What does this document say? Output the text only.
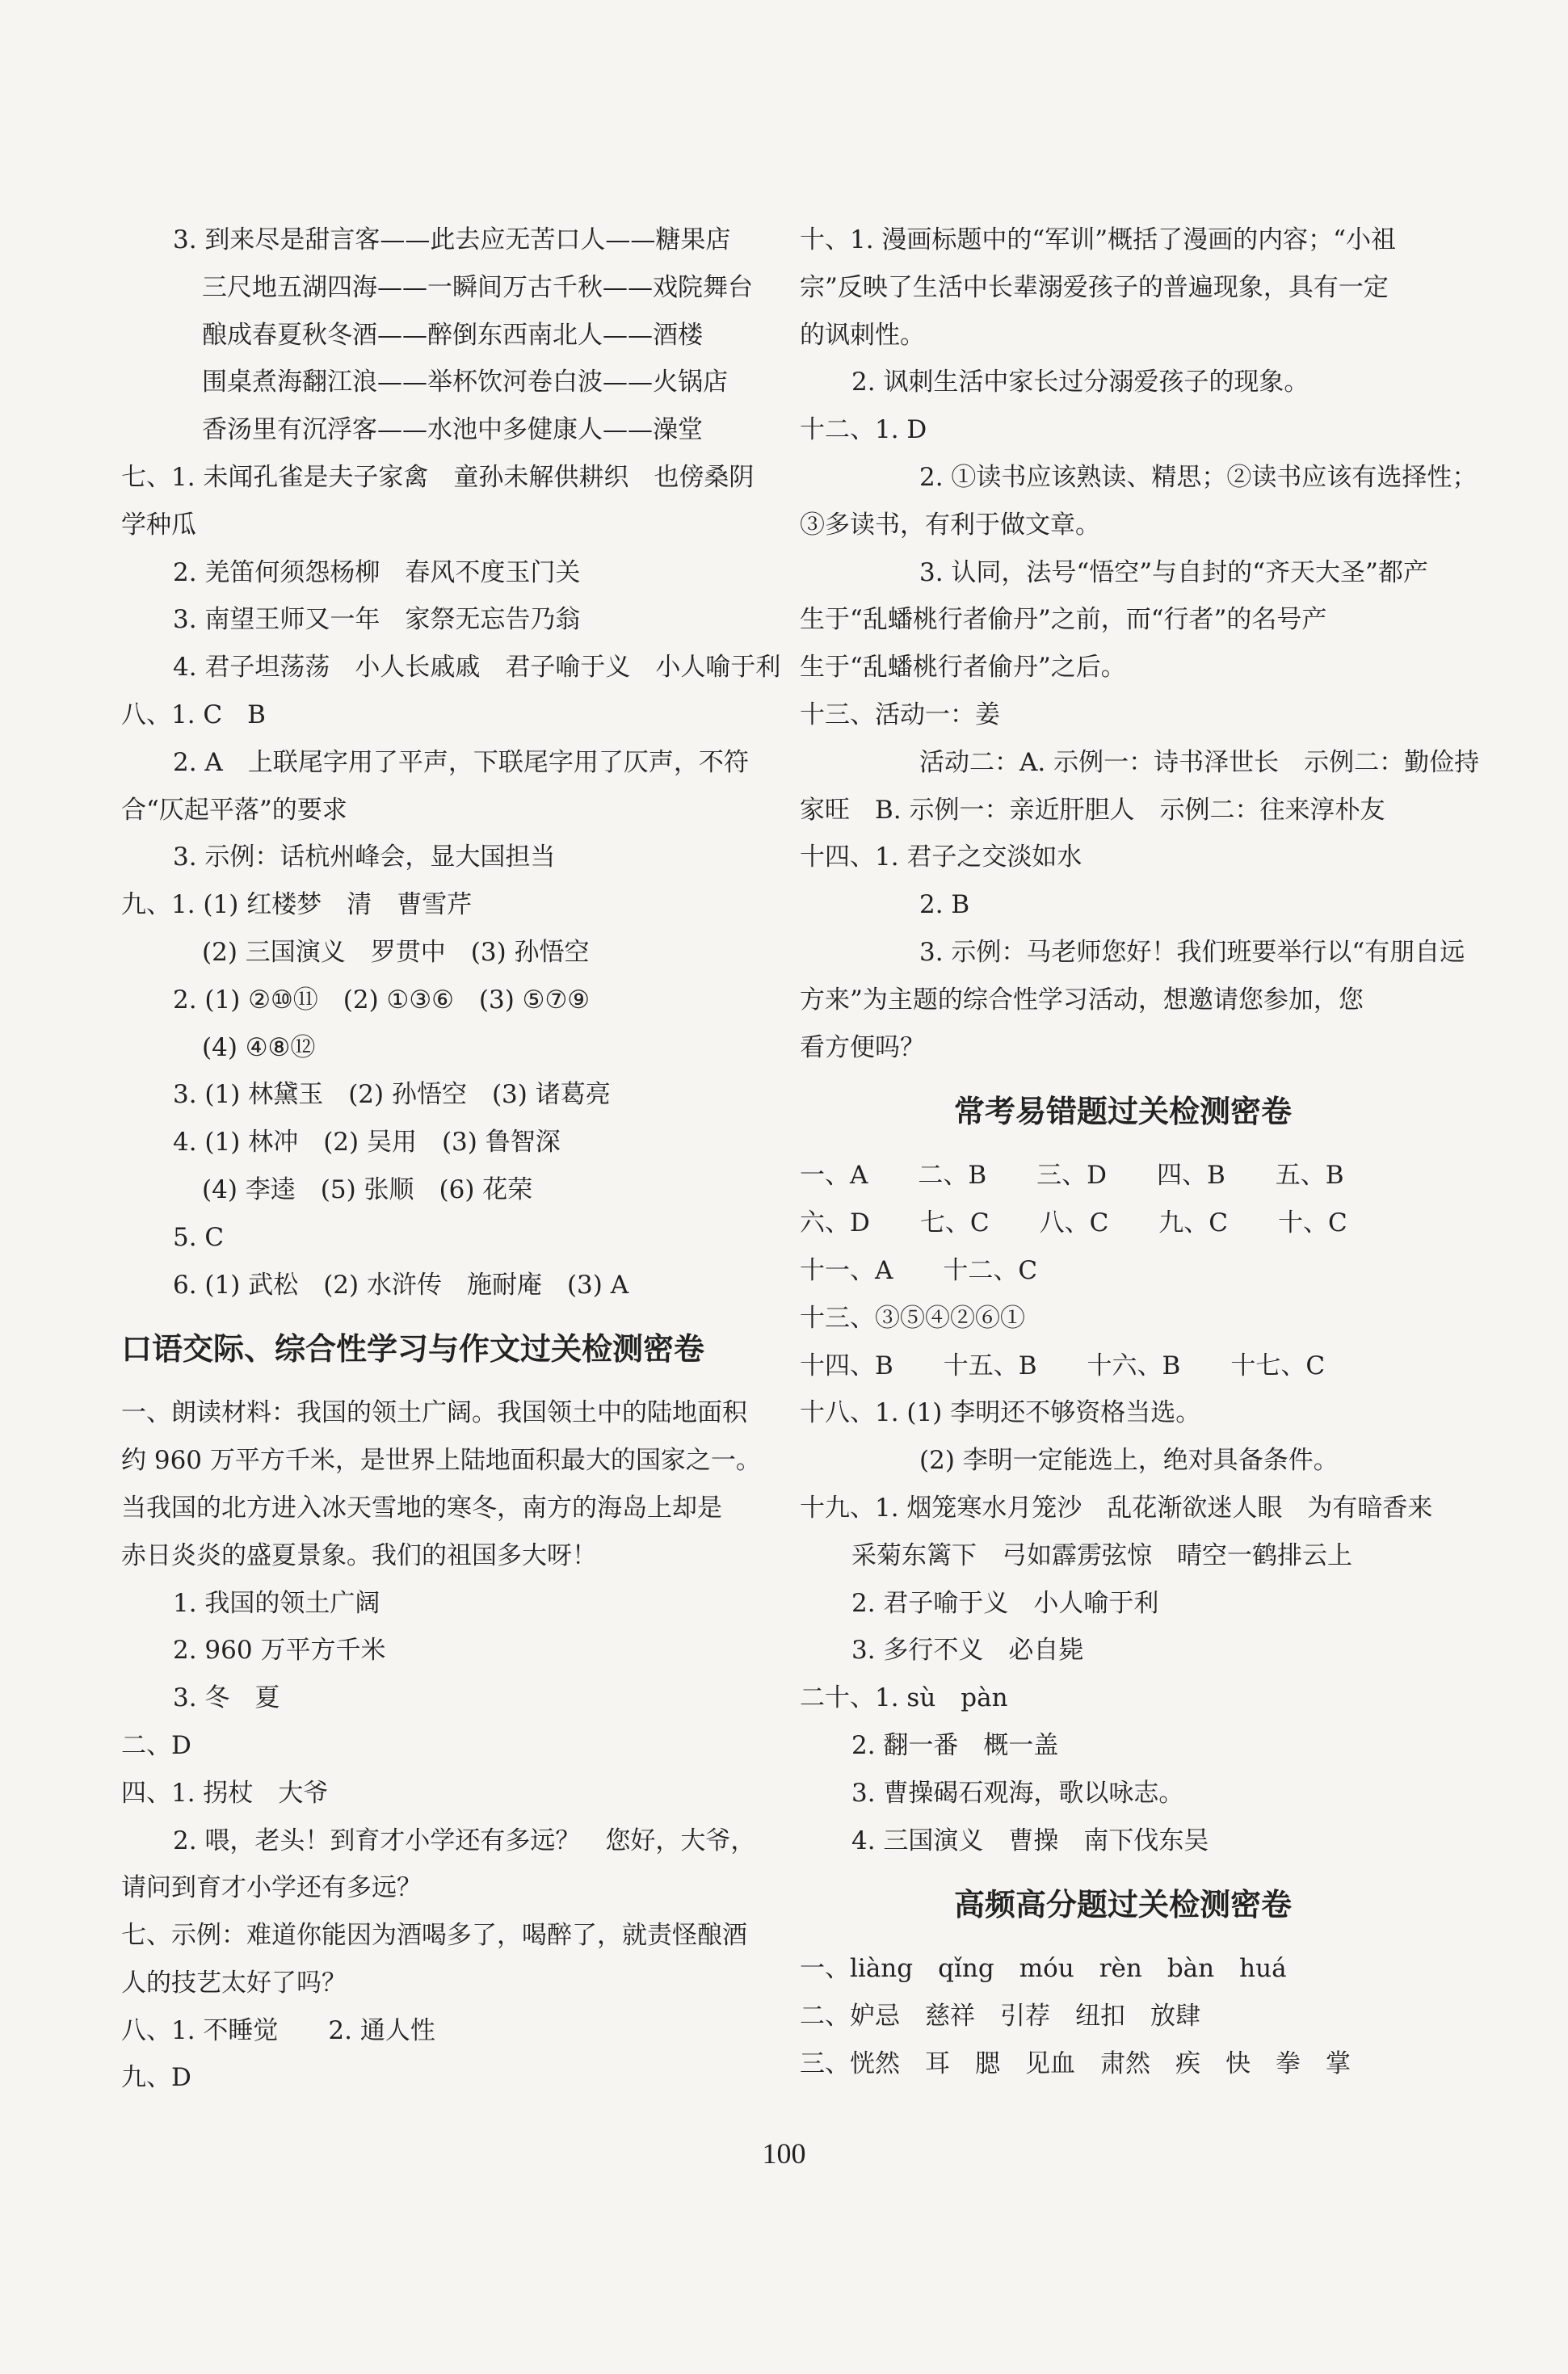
3. 到来尽是甜言客——此去应无苦口人——糖果店
三尺地五湖四海——一瞬间万古千秋——戏院舞台
酿成春夏秋冬酒——醉倒东西南北人——酒楼
围桌煮海翻江浪——举杯饮河卷白波——火锅店
香汤里有沉浮客——水池中多健康人——澡堂
七、1. 未闻孔雀是夫子家禽　童孙未解供耕织　也傍桑阴
学种瓜
2. 羌笛何须怨杨柳　春风不度玉门关
3. 南望王师又一年　家祭无忘告乃翁
4. 君子坦荡荡　小人长戚戚　君子喻于义　小人喻于利
八、1. C　B
2. A　上联尾字用了平声，下联尾字用了仄声，不符
合“仄起平落”的要求
3. 示例：话杭州峰会，显大国担当
九、1. (1) 红楼梦　清　曹雪芹
(2) 三国演义　罗贯中　(3) 孙悟空
2. (1) ②⑩⑪　(2) ①③⑥　(3) ⑤⑦⑨
(4) ④⑧⑫
3. (1) 林黛玉　(2) 孙悟空　(3) 诸葛亮
4. (1) 林冲　(2) 吴用　(3) 鲁智深
(4) 李逵　(5) 张顺　(6) 花荣
5. C
6. (1) 武松　(2) 水浒传　施耐庵　(3) A
口语交际、综合性学习与作文过关检测密卷
一、朗读材料：我国的领土广阔。我国领土中的陆地面积
约 960 万平方千米，是世界上陆地面积最大的国家之一。
当我国的北方进入冰天雪地的寒冬，南方的海岛上却是
赤日炎炎的盛夏景象。我们的祖国多大呀！
1. 我国的领土广阔
2. 960 万平方千米
3. 冬　夏
二、D
四、1. 拐杖　大爷
2. 喂，老头！到育才小学还有多远？　您好，大爷，
请问到育才小学还有多远？
七、示例：难道你能因为酒喝多了，喝醉了，就责怪酿酒
人的技艺太好了吗？
八、1. 不睡觉　　2. 通人性
九、D
十、1. 漫画标题中的“军训”概括了漫画的内容；“小祖
宗”反映了生活中长辈溺爱孩子的普遍现象，具有一定
的讽刺性。
2. 讽刺生活中家长过分溺爱孩子的现象。
十二、1. D
2. ①读书应该熟读、精思；②读书应该有选择性；
③多读书，有利于做文章。
3. 认同，法号“悟空”与自封的“齐天大圣”都产
生于“乱蟠桃行者偷丹”之前，而“行者”的名号产
生于“乱蟠桃行者偷丹”之后。
十三、活动一：姜
活动二：A. 示例一：诗书泽世长　示例二：勤俭持
家旺　B. 示例一：亲近肝胆人　示例二：往来淳朴友
十四、1. 君子之交淡如水
2. B
3. 示例：马老师您好！我们班要举行以“有朋自远
方来”为主题的综合性学习活动，想邀请您参加，您
看方便吗？
常考易错题过关检测密卷
一、A　　二、B　　三、D　　四、B　　五、B
六、D　　七、C　　八、C　　九、C　　十、C
十一、A　　十二、C
十三、③⑤④②⑥①
十四、B　　十五、B　　十六、B　　十七、C
十八、1. (1) 李明还不够资格当选。
(2) 李明一定能选上，绝对具备条件。
十九、1. 烟笼寒水月笼沙　乱花渐欲迷人眼　为有暗香来
采菊东篱下　弓如霹雳弦惊　晴空一鹤排云上
2. 君子喻于义　小人喻于利
3. 多行不义　必自毙
二十、1. sù　pàn
2. 翻一番　概一盖
3. 曹操碣石观海，歌以咏志。
4. 三国演义　曹操　南下伐东吴
高频高分题过关检测密卷
一、liàng　qǐng　móu　rèn　bàn　huá
二、妒忌　慈祥　引荐　纽扣　放肆
三、恍然　耳　腮　见血　肃然　疾　快　拳　掌
100
